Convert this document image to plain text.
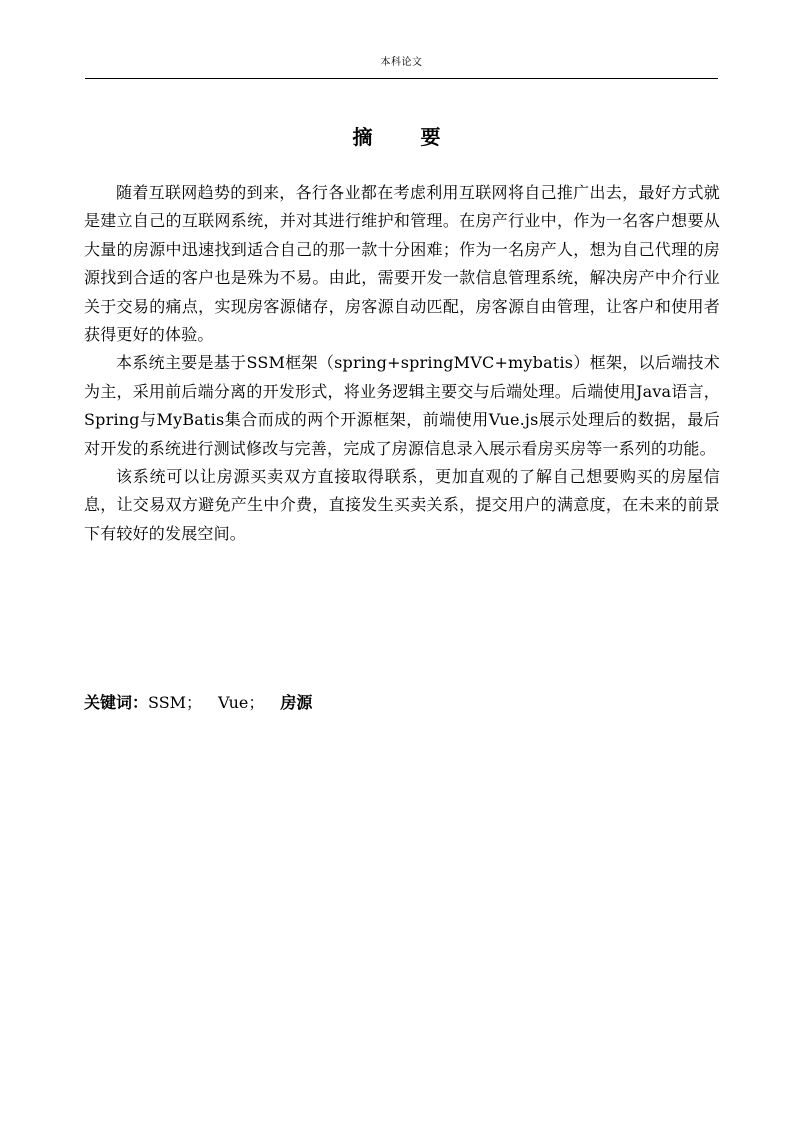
本科论文
摘 要

随着互联网趋势的到来，各行各业都在考虑利用互联网将自己推广出去，最好方式就是建立自己的互联网系统，并对其进行维护和管理。在房产行业中，作为一名客户想要从大量的房源中迅速找到适合自己的那一款十分困难；作为一名房产人，想为自己代理的房源找到合适的客户也是殊为不易。由此，需要开发一款信息管理系统，解决房产中介行业关于交易的痛点，实现房客源储存，房客源自动匹配，房客源自由管理，让客户和使用者获得更好的体验。

本系统主要是基于SSM框架（spring+springMVC+mybatis）框架，以后端技术为主，采用前后端分离的开发形式，将业务逻辑主要交与后端处理。后端使用Java语言，Spring与MyBatis集合而成的两个开源框架，前端使用Vue.js展示处理后的数据，最后对开发的系统进行测试修改与完善，完成了房源信息录入展示看房买房等一系列的功能。

该系统可以让房源买卖双方直接取得联系，更加直观的了解自己想要购买的房屋信息，让交易双方避免产生中介费，直接发生买卖关系，提交用户的满意度，在未来的前景下有较好的发展空间。

关键词：SSM； Vue； 房源
